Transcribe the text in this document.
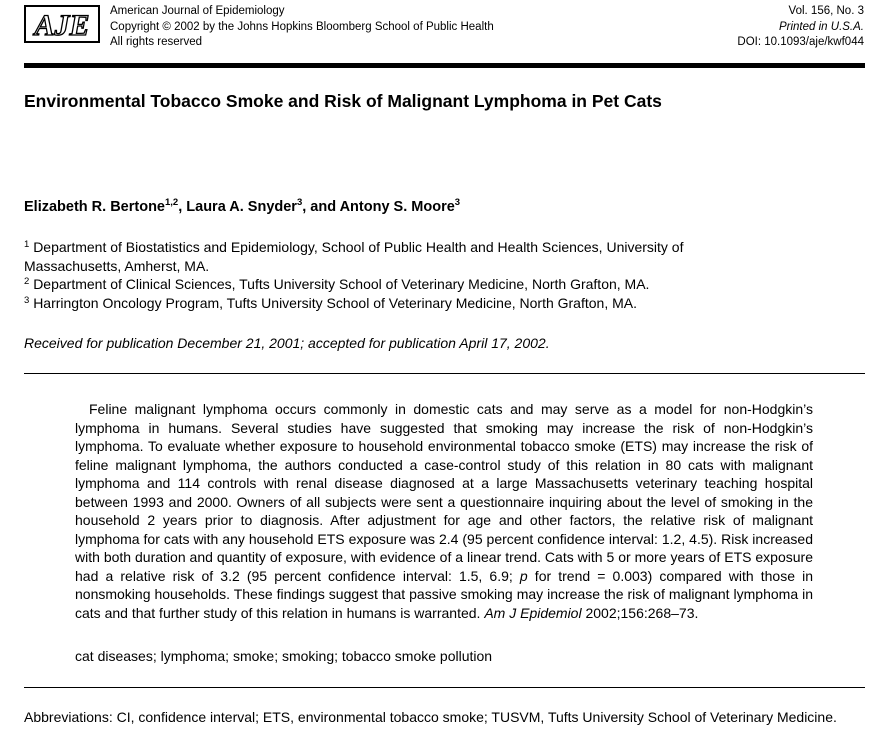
AJE American Journal of Epidemiology
Copyright © 2002 by the Johns Hopkins Bloomberg School of Public Health
All rights reserved
Vol. 156, No. 3
Printed in U.S.A.
DOI: 10.1093/aje/kwf044
Environmental Tobacco Smoke and Risk of Malignant Lymphoma in Pet Cats
Elizabeth R. Bertone$^{1,2}$, Laura A. Snyder$^3$, and Antony S. Moore$^3$
$^1$ Department of Biostatistics and Epidemiology, School of Public Health and Health Sciences, University of Massachusetts, Amherst, MA.
$^2$ Department of Clinical Sciences, Tufts University School of Veterinary Medicine, North Grafton, MA.
$^3$ Harrington Oncology Program, Tufts University School of Veterinary Medicine, North Grafton, MA.
Received for publication December 21, 2001; accepted for publication April 17, 2002.

Feline malignant lymphoma occurs commonly in domestic cats and may serve as a model for non-Hodgkin’s lymphoma in humans. Several studies have suggested that smoking may increase the risk of non-Hodgkin’s lymphoma. To evaluate whether exposure to household environmental tobacco smoke (ETS) may increase the risk of feline malignant lymphoma, the authors conducted a case-control study of this relation in 80 cats with malignant lymphoma and 114 controls with renal disease diagnosed at a large Massachusetts veterinary teaching hospital between 1993 and 2000. Owners of all subjects were sent a questionnaire inquiring about the level of smoking in the household 2 years prior to diagnosis. After adjustment for age and other factors, the relative risk of malignant lymphoma for cats with any household ETS exposure was 2.4 (95 percent confidence interval: 1.2, 4.5). Risk increased with both duration and quantity of exposure, with evidence of a linear trend. Cats with 5 or more years of ETS exposure had a relative risk of 3.2 (95 percent confidence interval: 1.5, 6.9; p for trend = 0.003) compared with those in nonsmoking households. These findings suggest that passive smoking may increase the risk of malignant lymphoma in cats and that further study of this relation in humans is warranted. Am J Epidemiol 2002;156:268–73.

cat diseases; lymphoma; smoke; smoking; tobacco smoke pollution
Abbreviations: CI, confidence interval; ETS, environmental tobacco smoke; TUSVM, Tufts University School of Veterinary Medicine.
